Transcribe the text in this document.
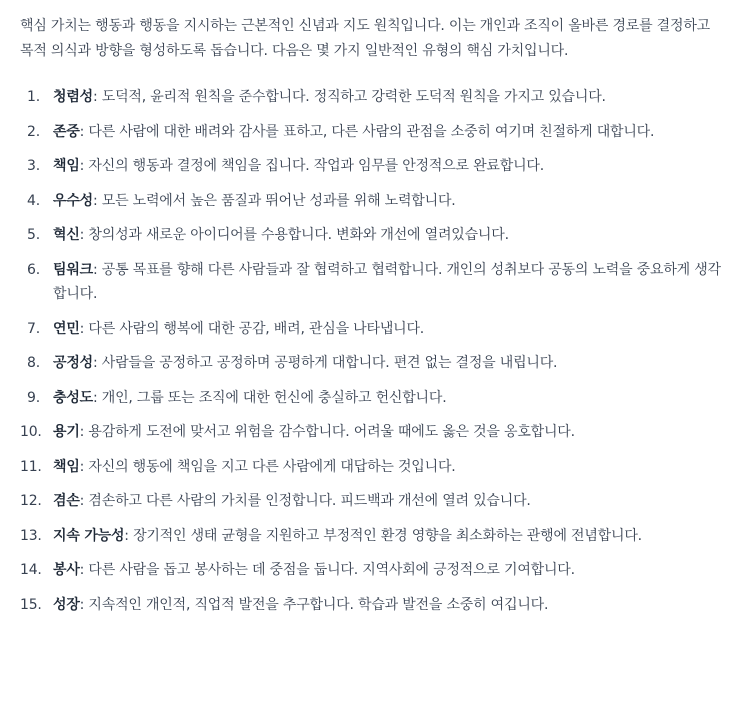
핵심 가치는 행동과 행동을 지시하는 근본적인 신념과 지도 원칙입니다. 이는 개인과 조직이 올바른 경로를 결정하고 목적 의식과 방향을 형성하도록 돕습니다. 다음은 몇 가지 일반적인 유형의 핵심 가치입니다.

1. 청렴성: 도덕적, 윤리적 원칙을 준수합니다. 정직하고 강력한 도덕적 원칙을 가지고 있습니다.
2. 존중: 다른 사람에 대한 배려와 감사를 표하고, 다른 사람의 관점을 소중히 여기며 친절하게 대합니다.
3. 책임: 자신의 행동과 결정에 책임을 집니다. 작업과 임무를 안정적으로 완료합니다.
4. 우수성: 모든 노력에서 높은 품질과 뛰어난 성과를 위해 노력합니다.
5. 혁신: 창의성과 새로운 아이디어를 수용합니다. 변화와 개선에 열려있습니다.
6. 팀워크: 공통 목표를 향해 다른 사람들과 잘 협력하고 협력합니다. 개인의 성취보다 공동의 노력을 중요하게 생각합니다.
7. 연민: 다른 사람의 행복에 대한 공감, 배려, 관심을 나타냅니다.
8. 공정성: 사람들을 공정하고 공정하며 공평하게 대합니다. 편견 없는 결정을 내립니다.
9. 충성도: 개인, 그룹 또는 조직에 대한 헌신에 충실하고 헌신합니다.
10. 용기: 용감하게 도전에 맞서고 위험을 감수합니다. 어려울 때에도 옳은 것을 옹호합니다.
11. 책임: 자신의 행동에 책임을 지고 다른 사람에게 대답하는 것입니다.
12. 겸손: 겸손하고 다른 사람의 가치를 인정합니다. 피드백과 개선에 열려 있습니다.
13. 지속 가능성: 장기적인 생태 균형을 지원하고 부정적인 환경 영향을 최소화하는 관행에 전념합니다.
14. 봉사: 다른 사람을 돕고 봉사하는 데 중점을 둡니다. 지역사회에 긍정적으로 기여합니다.
15. 성장: 지속적인 개인적, 직업적 발전을 추구합니다. 학습과 발전을 소중히 여깁니다.
